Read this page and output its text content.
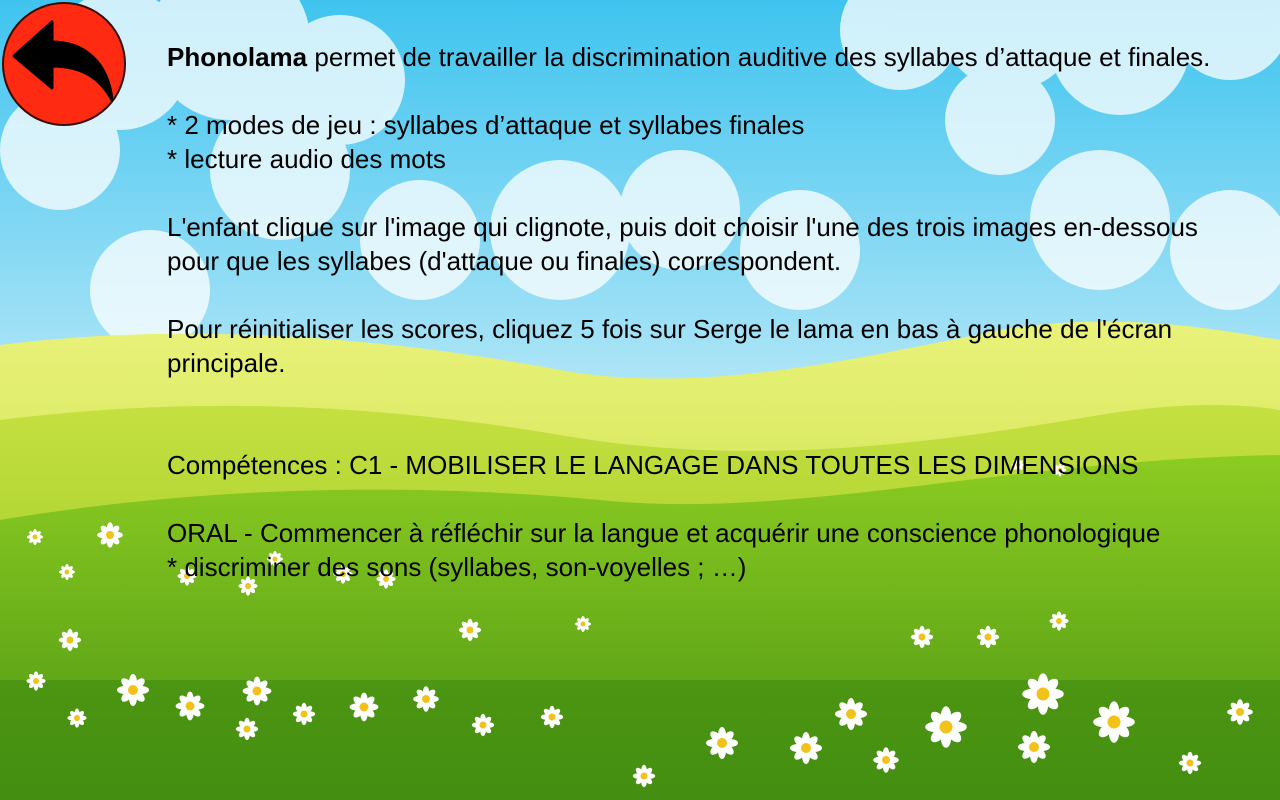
Phonolama permet de travailler la discrimination auditive des syllabes d’attaque et finales.

* 2 modes de jeu : syllabes d’attaque et syllabes finales

* lecture audio des mots

L'enfant clique sur l'image qui clignote, puis doit choisir l'une des trois images en-dessous pour que les syllabes (d'attaque ou finales) correspondent.

Pour réinitialiser les scores, cliquez 5 fois sur Serge le lama en bas à gauche de l'écran principale.

Compétences : C1 - MOBILISER LE LANGAGE DANS TOUTES LES DIMENSIONS

ORAL - Commencer à réfléchir sur la langue et acquérir une conscience phonologique

* discriminer des sons (syllabes, son-voyelles ; …)
